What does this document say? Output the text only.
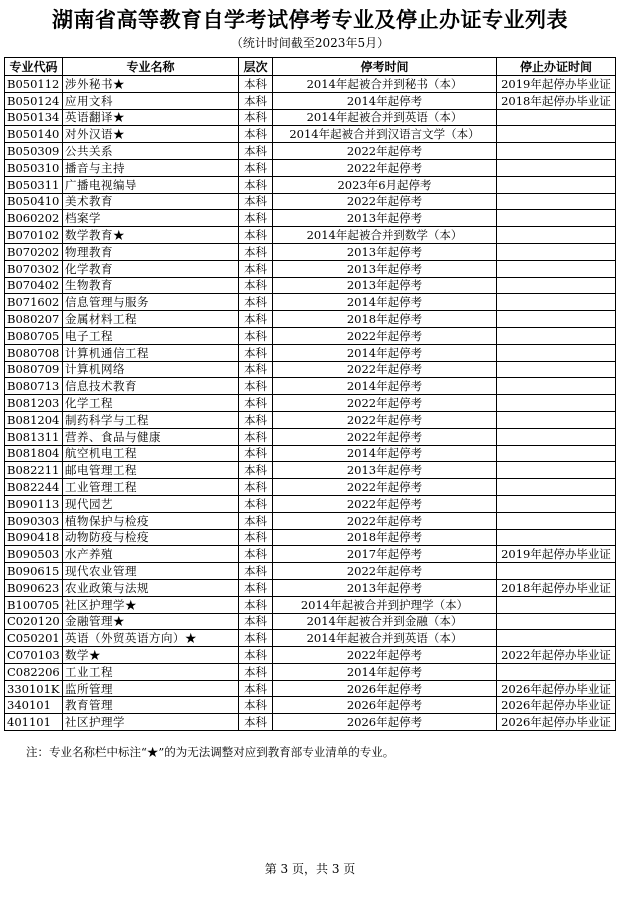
湖南省高等教育自学考试停考专业及停止办证专业列表
（统计时间截至2023年5月）
专业代码	专业名称	层次	停考时间	停止办证时间
B050112	涉外秘书★	本科	2014年起被合并到秘书（本）	2019年起停办毕业证
B050124	应用文科	本科	2014年起停考	2018年起停办毕业证
B050134	英语翻译★	本科	2014年起被合并到英语（本）	
B050140	对外汉语★	本科	2014年起被合并到汉语言文学（本）	
B050309	公共关系	本科	2022年起停考	
B050310	播音与主持	本科	2022年起停考	
B050311	广播电视编导	本科	2023年6月起停考	
B050410	美术教育	本科	2022年起停考	
B060202	档案学	本科	2013年起停考	
B070102	数学教育★	本科	2014年起被合并到数学（本）	
B070202	物理教育	本科	2013年起停考	
B070302	化学教育	本科	2013年起停考	
B070402	生物教育	本科	2013年起停考	
B071602	信息管理与服务	本科	2014年起停考	
B080207	金属材料工程	本科	2018年起停考	
B080705	电子工程	本科	2022年起停考	
B080708	计算机通信工程	本科	2014年起停考	
B080709	计算机网络	本科	2022年起停考	
B080713	信息技术教育	本科	2014年起停考	
B081203	化学工程	本科	2022年起停考	
B081204	制药科学与工程	本科	2022年起停考	
B081311	营养、食品与健康	本科	2022年起停考	
B081804	航空机电工程	本科	2014年起停考	
B082211	邮电管理工程	本科	2013年起停考	
B082244	工业管理工程	本科	2022年起停考	
B090113	现代园艺	本科	2022年起停考	
B090303	植物保护与检疫	本科	2022年起停考	
B090418	动物防疫与检疫	本科	2018年起停考	
B090503	水产养殖	本科	2017年起停考	2019年起停办毕业证
B090615	现代农业管理	本科	2022年起停考	
B090623	农业政策与法规	本科	2013年起停考	2018年起停办毕业证
B100705	社区护理学★	本科	2014年起被合并到护理学（本）	
C020120	金融管理★	本科	2014年起被合并到金融（本）	
C050201	英语（外贸英语方向）★	本科	2014年起被合并到英语（本）	
C070103	数学★	本科	2022年起停考	2022年起停办毕业证
C082206	工业工程	本科	2014年起停考	
330101K	监所管理	本科	2026年起停考	2026年起停办毕业证
340101	教育管理	本科	2026年起停考	2026年起停办毕业证
401101	社区护理学	本科	2026年起停考	2026年起停办毕业证
注：专业名称栏中标注“★”的为无法调整对应到教育部专业清单的专业。
第 3 页，共 3 页
